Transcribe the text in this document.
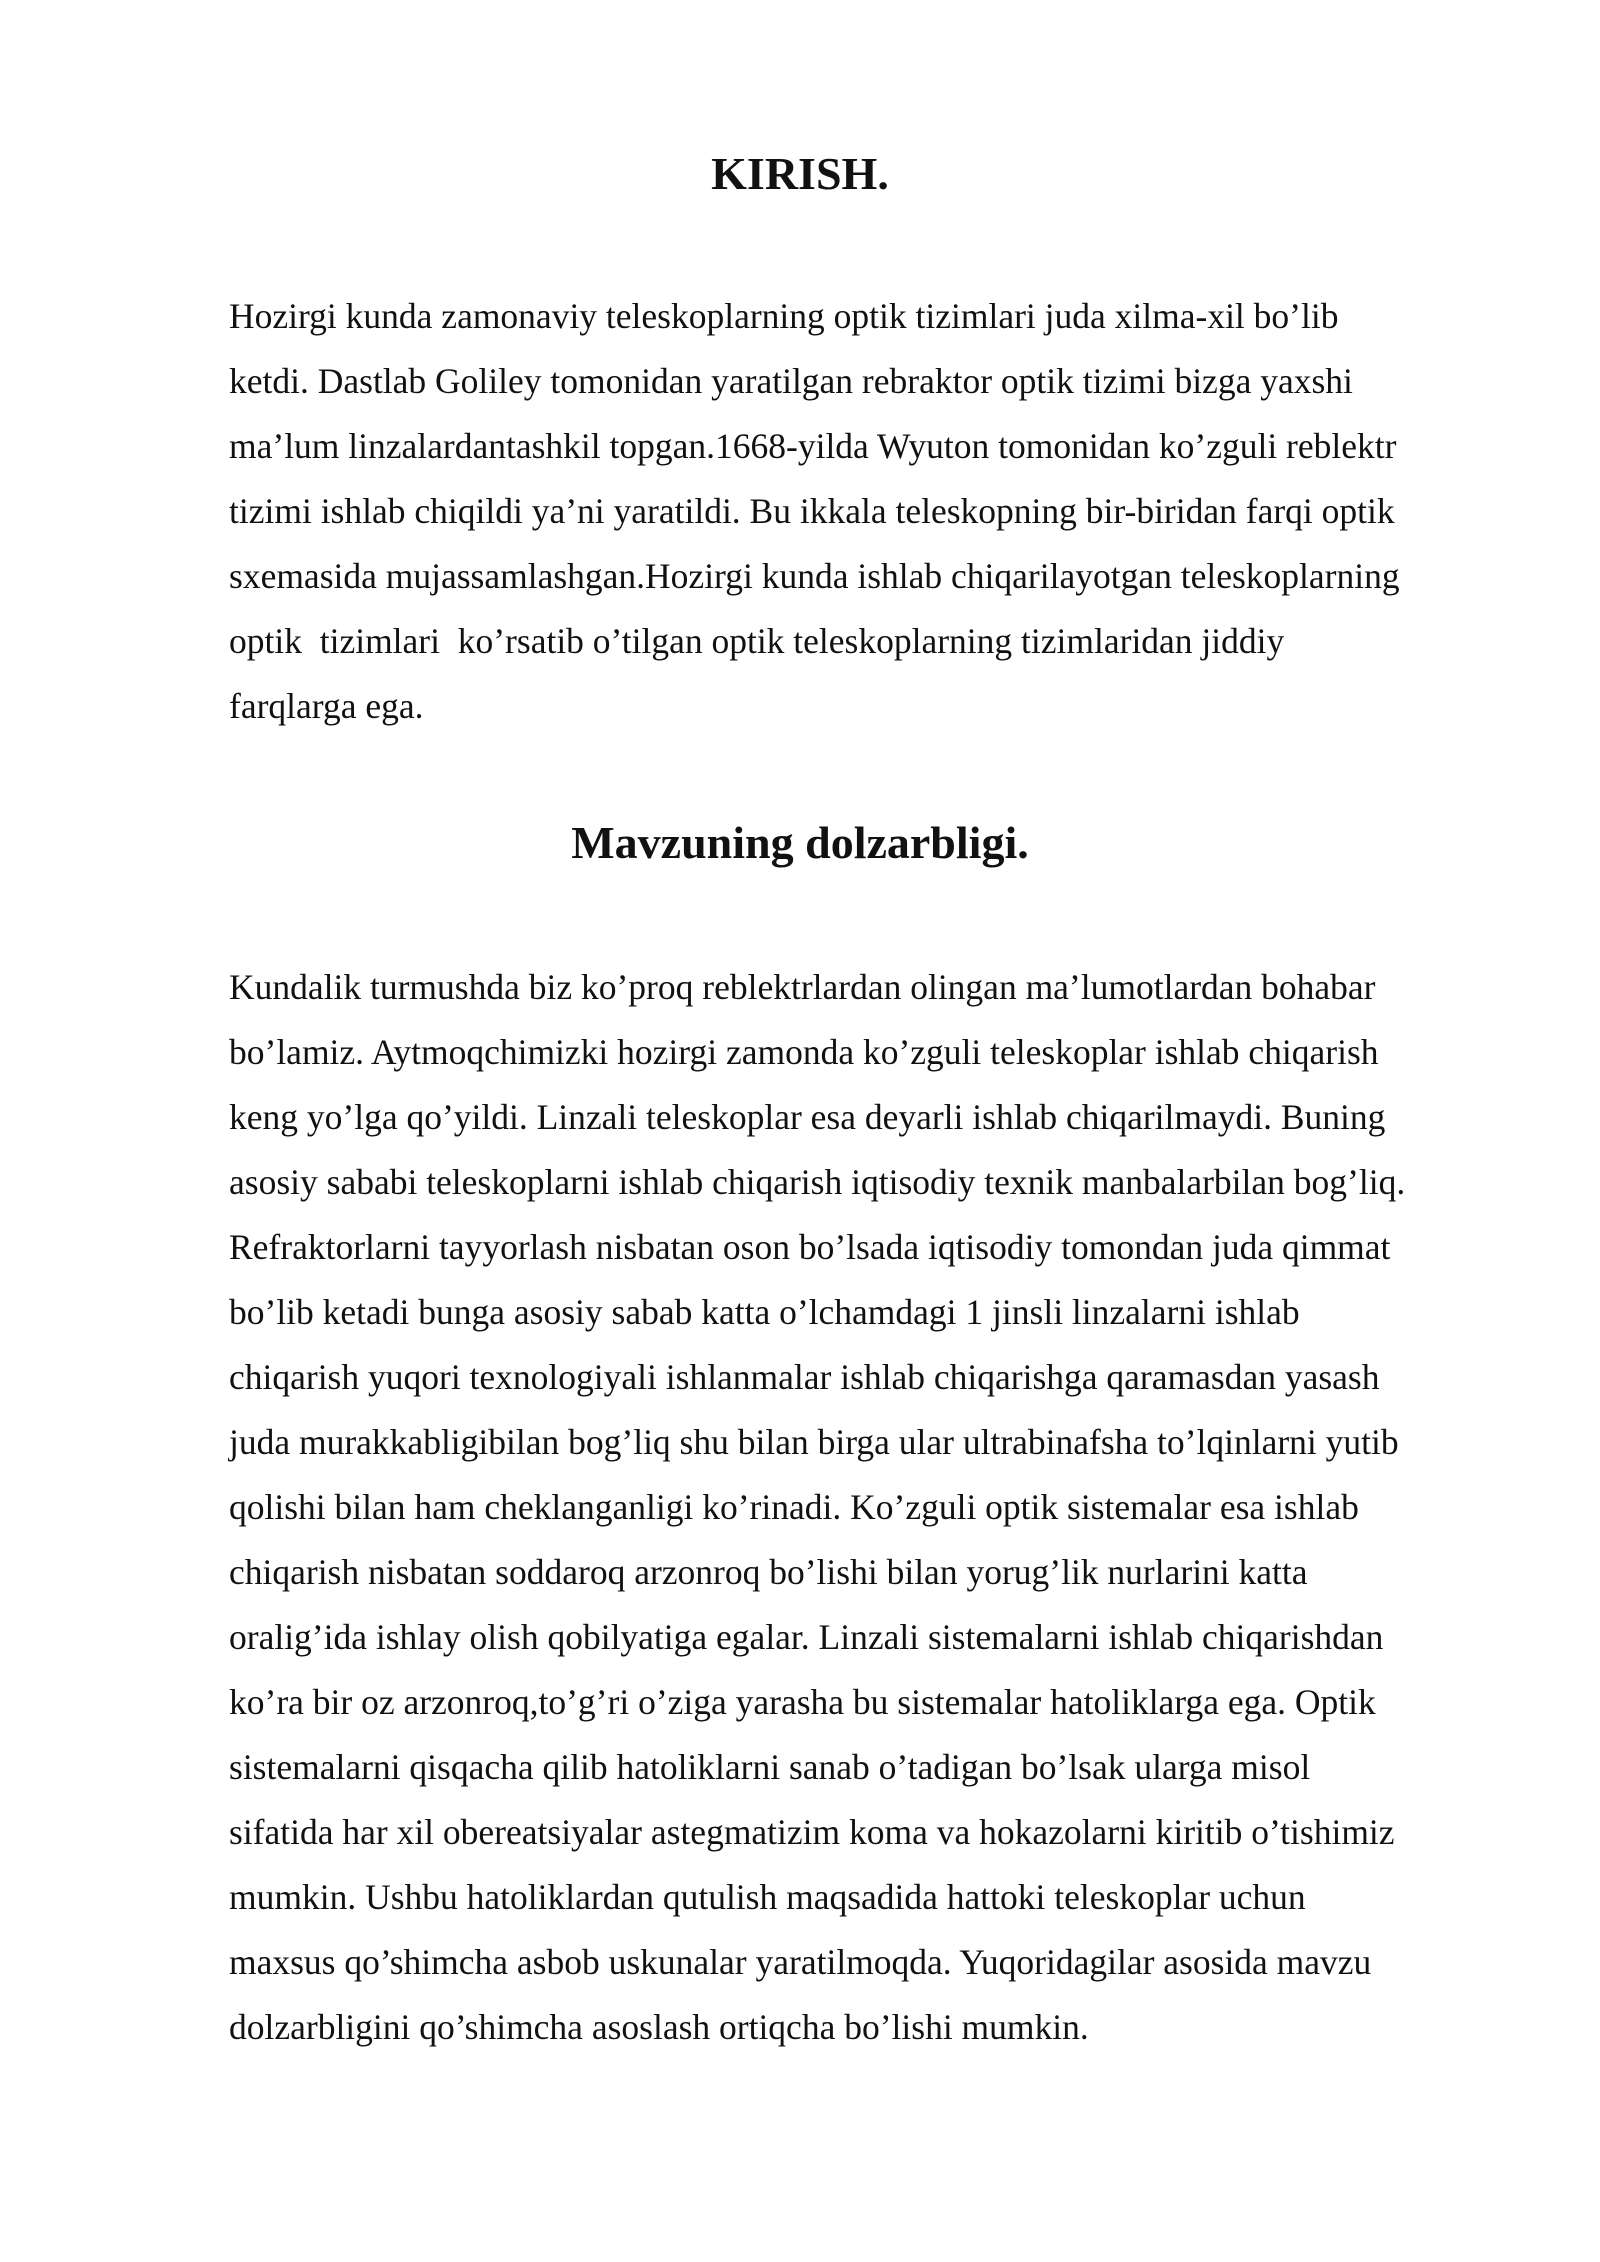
KIRISH.
Hozirgi kunda zamonaviy teleskoplarning optik tizimlari juda xilma-xil bo’lib
ketdi. Dastlab Goliley tomonidan yaratilgan rebraktor optik tizimi bizga yaxshi
ma’lum linzalardantashkil topgan.1668-yilda Wyuton tomonidan ko’zguli reblektr
tizimi ishlab chiqildi ya’ni yaratildi. Bu ikkala teleskopning bir-biridan farqi optik
sxemasida mujassamlashgan.Hozirgi kunda ishlab chiqarilayotgan teleskoplarning
optik  tizimlari  ko’rsatib o’tilgan optik teleskoplarning tizimlaridan jiddiy
farqlarga ega.
Mavzuning dolzarbligi.
Kundalik turmushda biz ko’proq reblektrlardan olingan ma’lumotlardan bohabar
bo’lamiz. Aytmoqchimizki hozirgi zamonda ko’zguli teleskoplar ishlab chiqarish
keng yo’lga qo’yildi. Linzali teleskoplar esa deyarli ishlab chiqarilmaydi. Buning
asosiy sababi teleskoplarni ishlab chiqarish iqtisodiy texnik manbalarbilan bog’liq.
Refraktorlarni tayyorlash nisbatan oson bo’lsada iqtisodiy tomondan juda qimmat
bo’lib ketadi bunga asosiy sabab katta o’lchamdagi 1 jinsli linzalarni ishlab
chiqarish yuqori texnologiyali ishlanmalar ishlab chiqarishga qaramasdan yasash
juda murakkabligibilan bog’liq shu bilan birga ular ultrabinafsha to’lqinlarni yutib
qolishi bilan ham cheklanganligi ko’rinadi. Ko’zguli optik sistemalar esa ishlab
chiqarish nisbatan soddaroq arzonroq bo’lishi bilan yorug’lik nurlarini katta
oralig’ida ishlay olish qobilyatiga egalar. Linzali sistemalarni ishlab chiqarishdan
ko’ra bir oz arzonroq,to’g’ri o’ziga yarasha bu sistemalar hatoliklarga ega. Optik
sistemalarni qisqacha qilib hatoliklarni sanab o’tadigan bo’lsak ularga misol
sifatida har xil obereatsiyalar astegmatizim koma va hokazolarni kiritib o’tishimiz
mumkin. Ushbu hatoliklardan qutulish maqsadida hattoki teleskoplar uchun
maxsus qo’shimcha asbob uskunalar yaratilmoqda. Yuqoridagilar asosida mavzu
dolzarbligini qo’shimcha asoslash ortiqcha bo’lishi mumkin.
